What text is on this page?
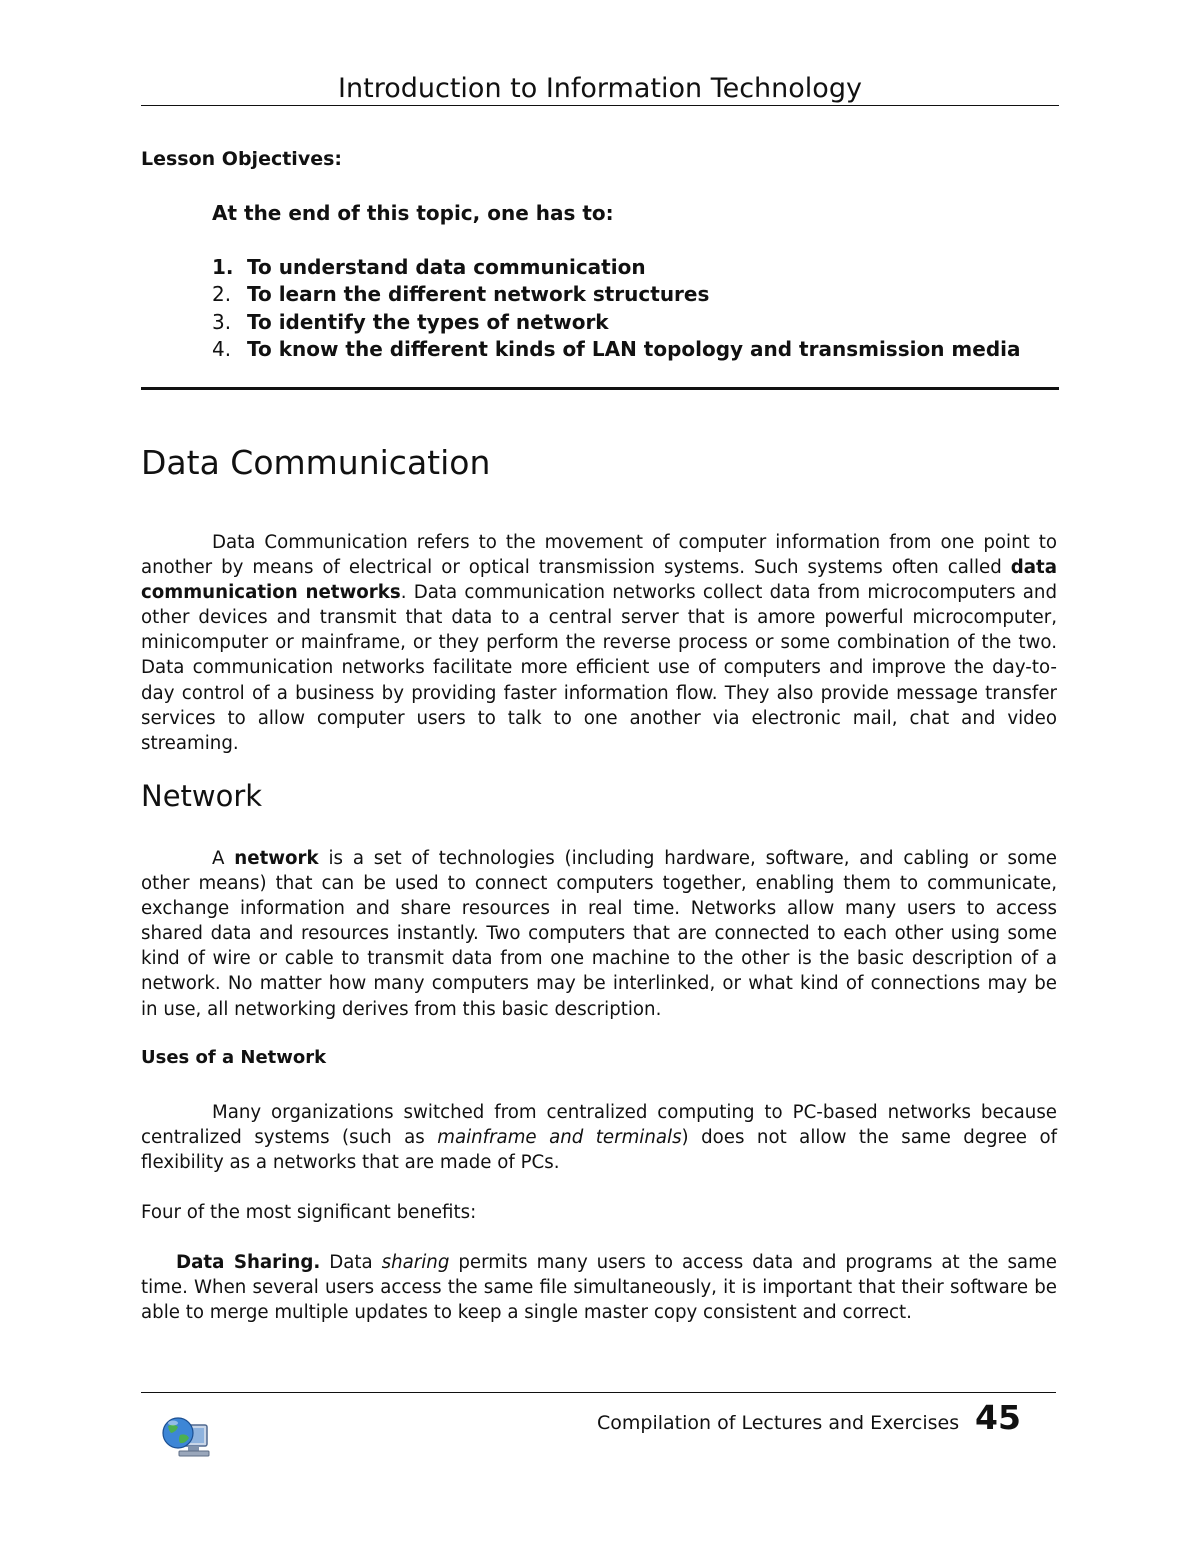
Introduction to Information Technology
Lesson Objectives:
At the end of this topic, one has to:
1. To understand data communication
2. To learn the different network structures
3. To identify the types of network
4. To know the different kinds of LAN topology and transmission media
Data Communication

Data Communication refers to the movement of computer information from one point to another by means of electrical or optical transmission systems. Such systems often called data communication networks. Data communication networks collect data from microcomputers and other devices and transmit that data to a central server that is amore powerful microcomputer, minicomputer or mainframe, or they perform the reverse process or some combination of the two. Data communication networks facilitate more efficient use of computers and improve the day-to-day control of a business by providing faster information flow. They also provide message transfer services to allow computer users to talk to one another via electronic mail, chat and video streaming.

Network

A network is a set of technologies (including hardware, software, and cabling or some other means) that can be used to connect computers together, enabling them to communicate, exchange information and share resources in real time. Networks allow many users to access shared data and resources instantly. Two computers that are connected to each other using some kind of wire or cable to transmit data from one machine to the other is the basic description of a network. No matter how many computers may be interlinked, or what kind of connections may be in use, all networking derives from this basic description.

Uses of a Network

Many organizations switched from centralized computing to PC-based networks because centralized systems (such as mainframe and terminals) does not allow the same degree of flexibility as a networks that are made of PCs.

Four of the most significant benefits:

Data Sharing. Data sharing permits many users to access data and programs at the same time. When several users access the same file simultaneously, it is important that their software be able to merge multiple updates to keep a single master copy consistent and correct.

Compilation of Lectures and Exercises 45
